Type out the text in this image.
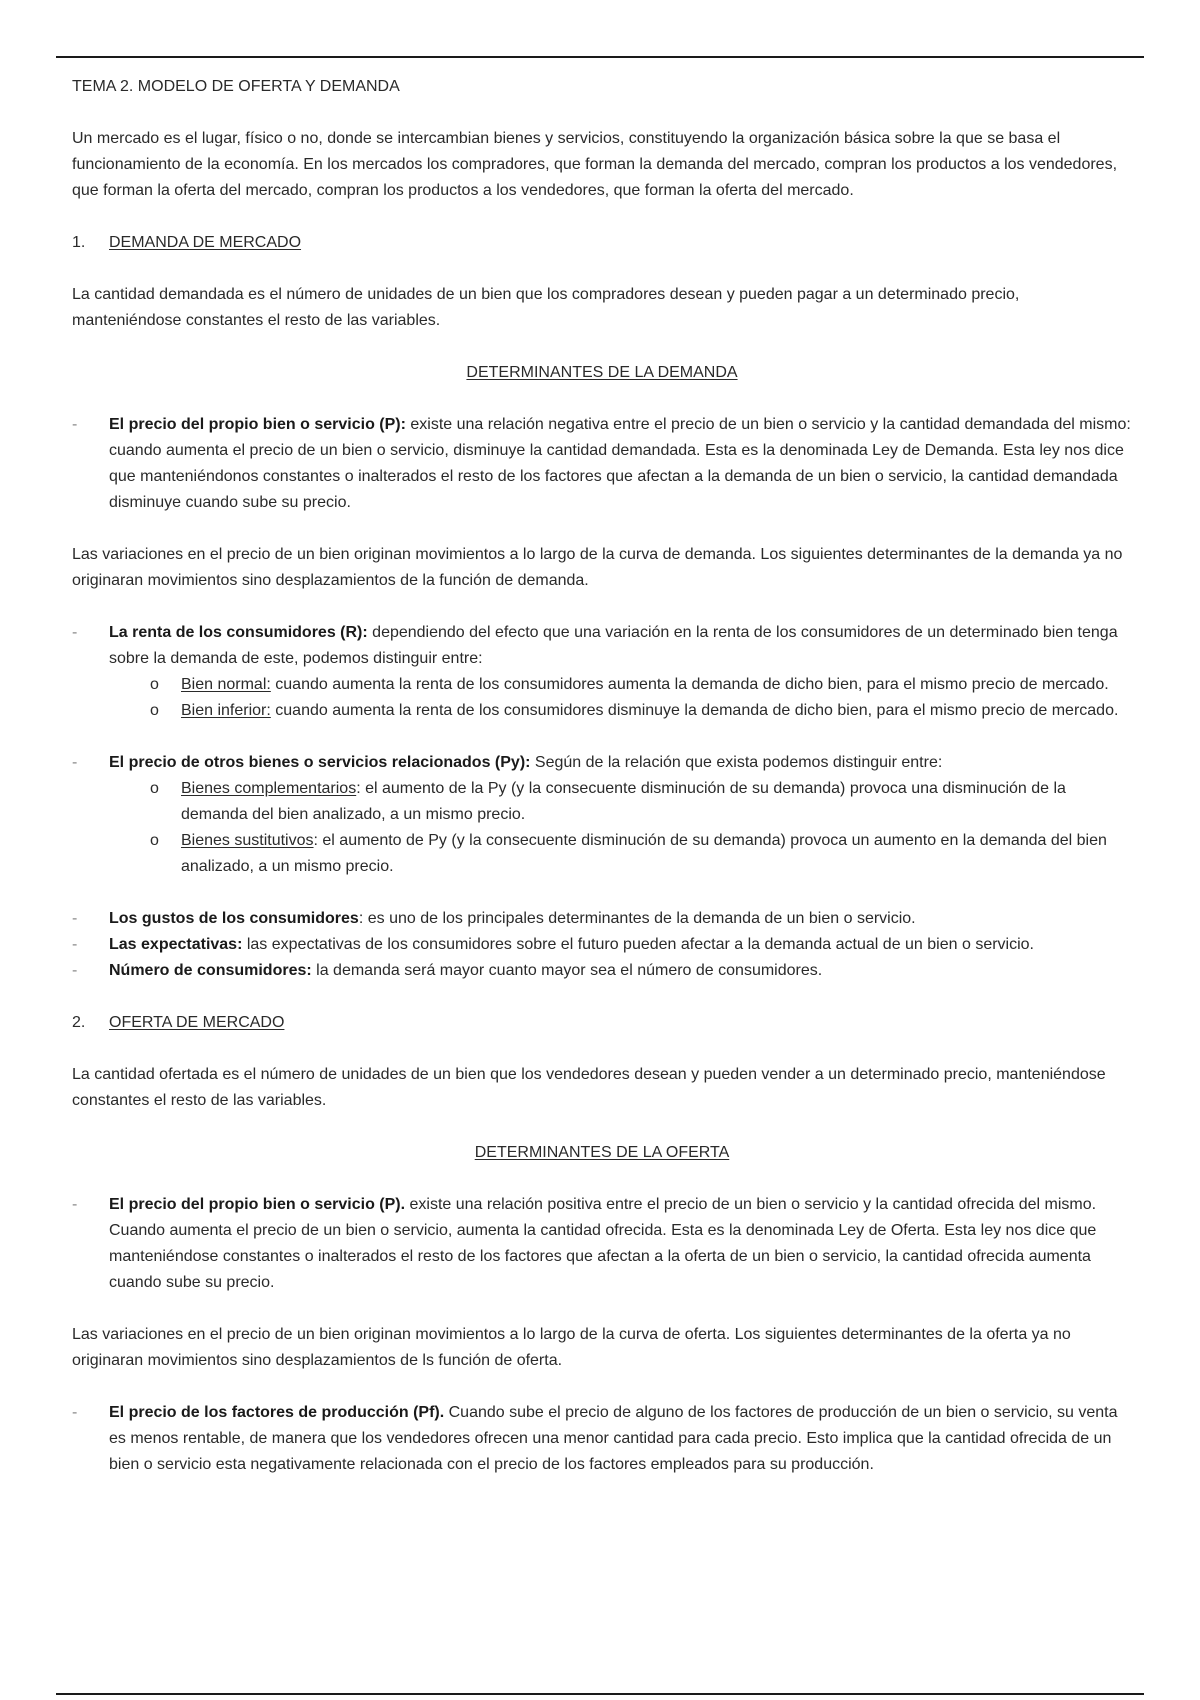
TEMA 2. MODELO DE OFERTA Y DEMANDA

Un mercado es el lugar, físico o no, donde se intercambian bienes y servicios, constituyendo la organización básica sobre la que se basa el funcionamiento de la economía. En los mercados los compradores, que forman la demanda del mercado, compran los productos a los vendedores, que forman la oferta del mercado, compran los productos a los vendedores, que forman la oferta del mercado.

1.	DEMANDA DE MERCADO

La cantidad demandada es el número de unidades de un bien que los compradores desean y pueden pagar a un determinado precio, manteniéndose constantes el resto de las variables.

DETERMINANTES DE LA DEMANDA

-	El precio del propio bien o servicio (P): existe una relación negativa entre el precio de un bien o servicio y la cantidad demandada del mismo: cuando aumenta el precio de un bien o servicio, disminuye la cantidad demandada. Esta es la denominada Ley de Demanda. Esta ley nos dice que manteniéndonos constantes o inalterados el resto de los factores que afectan a la demanda de un bien o servicio, la cantidad demandada disminuye cuando sube su precio.

Las variaciones en el precio de un bien originan movimientos a lo largo de la curva de demanda. Los siguientes determinantes de la demanda ya no originaran movimientos sino desplazamientos de la función de demanda.

-	La renta de los consumidores (R): dependiendo del efecto que una variación en la renta de los consumidores de un determinado bien tenga sobre la demanda de este, podemos distinguir entre:
o Bien normal: cuando aumenta la renta de los consumidores aumenta la demanda de dicho bien, para el mismo precio de mercado.
o Bien inferior: cuando aumenta la renta de los consumidores disminuye la demanda de dicho bien, para el mismo precio de mercado.
-	El precio de otros bienes o servicios relacionados (Py): Según de la relación que exista podemos distinguir entre:
o Bienes complementarios: el aumento de la Py (y la consecuente disminución de su demanda) provoca una disminución de la demanda del bien analizado, a un mismo precio.
o Bienes sustitutivos: el aumento de Py (y la consecuente disminución de su demanda) provoca un aumento en la demanda del bien analizado, a un mismo precio.
-	Los gustos de los consumidores: es uno de los principales determinantes de la demanda de un bien o servicio.
-	Las expectativas: las expectativas de los consumidores sobre el futuro pueden afectar a la demanda actual de un bien o servicio.
-	Número de consumidores: la demanda será mayor cuanto mayor sea el número de consumidores.
2.	OFERTA DE MERCADO

La cantidad ofertada es el número de unidades de un bien que los vendedores desean y pueden vender a un determinado precio, manteniéndose constantes el resto de las variables.

DETERMINANTES DE LA OFERTA

-	El precio del propio bien o servicio (P). existe una relación positiva entre el precio de un bien o servicio y la cantidad ofrecida del mismo. Cuando aumenta el precio de un bien o servicio, aumenta la cantidad ofrecida. Esta es la denominada Ley de Oferta. Esta ley nos dice que manteniéndose constantes o inalterados el resto de los factores que afectan a la oferta de un bien o servicio, la cantidad ofrecida aumenta cuando sube su precio.

Las variaciones en el precio de un bien originan movimientos a lo largo de la curva de oferta. Los siguientes determinantes de la oferta ya no originaran movimientos sino desplazamientos de ls función de oferta.

-	El precio de los factores de producción (Pf). Cuando sube el precio de alguno de los factores de producción de un bien o servicio, su venta es menos rentable, de manera que los vendedores ofrecen una menor cantidad para cada precio. Esto implica que la cantidad ofrecida de un bien o servicio esta negativamente relacionada con el precio de los factores empleados para su producción.
